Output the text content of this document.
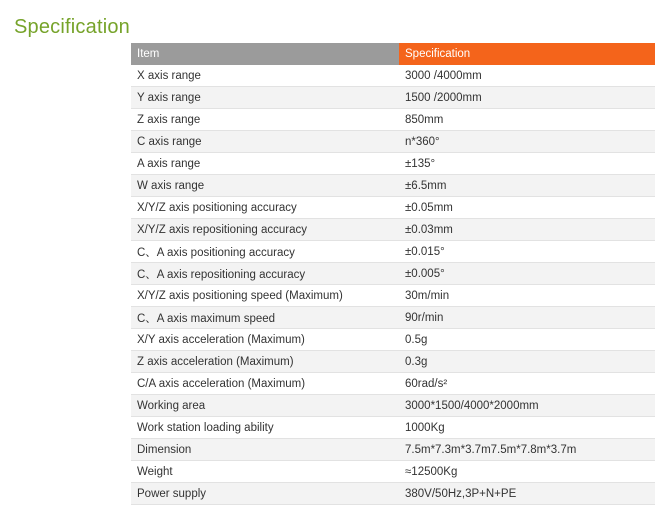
Specification
Item	Specification
X axis range	3000 /4000mm
Y axis range	1500 /2000mm
Z axis range	850mm
C axis range	n*360°
A axis range	±135°
W axis range	±6.5mm
X/Y/Z axis positioning accuracy	±0.05mm
X/Y/Z axis repositioning accuracy	±0.03mm
C、A axis positioning accuracy	±0.015°
C、A axis repositioning accuracy	±0.005°
X/Y/Z axis positioning speed (Maximum)	30m/min
C、A axis maximum speed	90r/min
X/Y axis acceleration (Maximum)	0.5g
Z axis acceleration (Maximum)	0.3g
C/A axis acceleration (Maximum)	60rad/s²
Working area	3000*1500/4000*2000mm
Work station loading ability	1000Kg
Dimension	7.5m*7.3m*3.7m7.5m*7.8m*3.7m
Weight	≈12500Kg
Power supply	380V/50Hz,3P+N+PE
